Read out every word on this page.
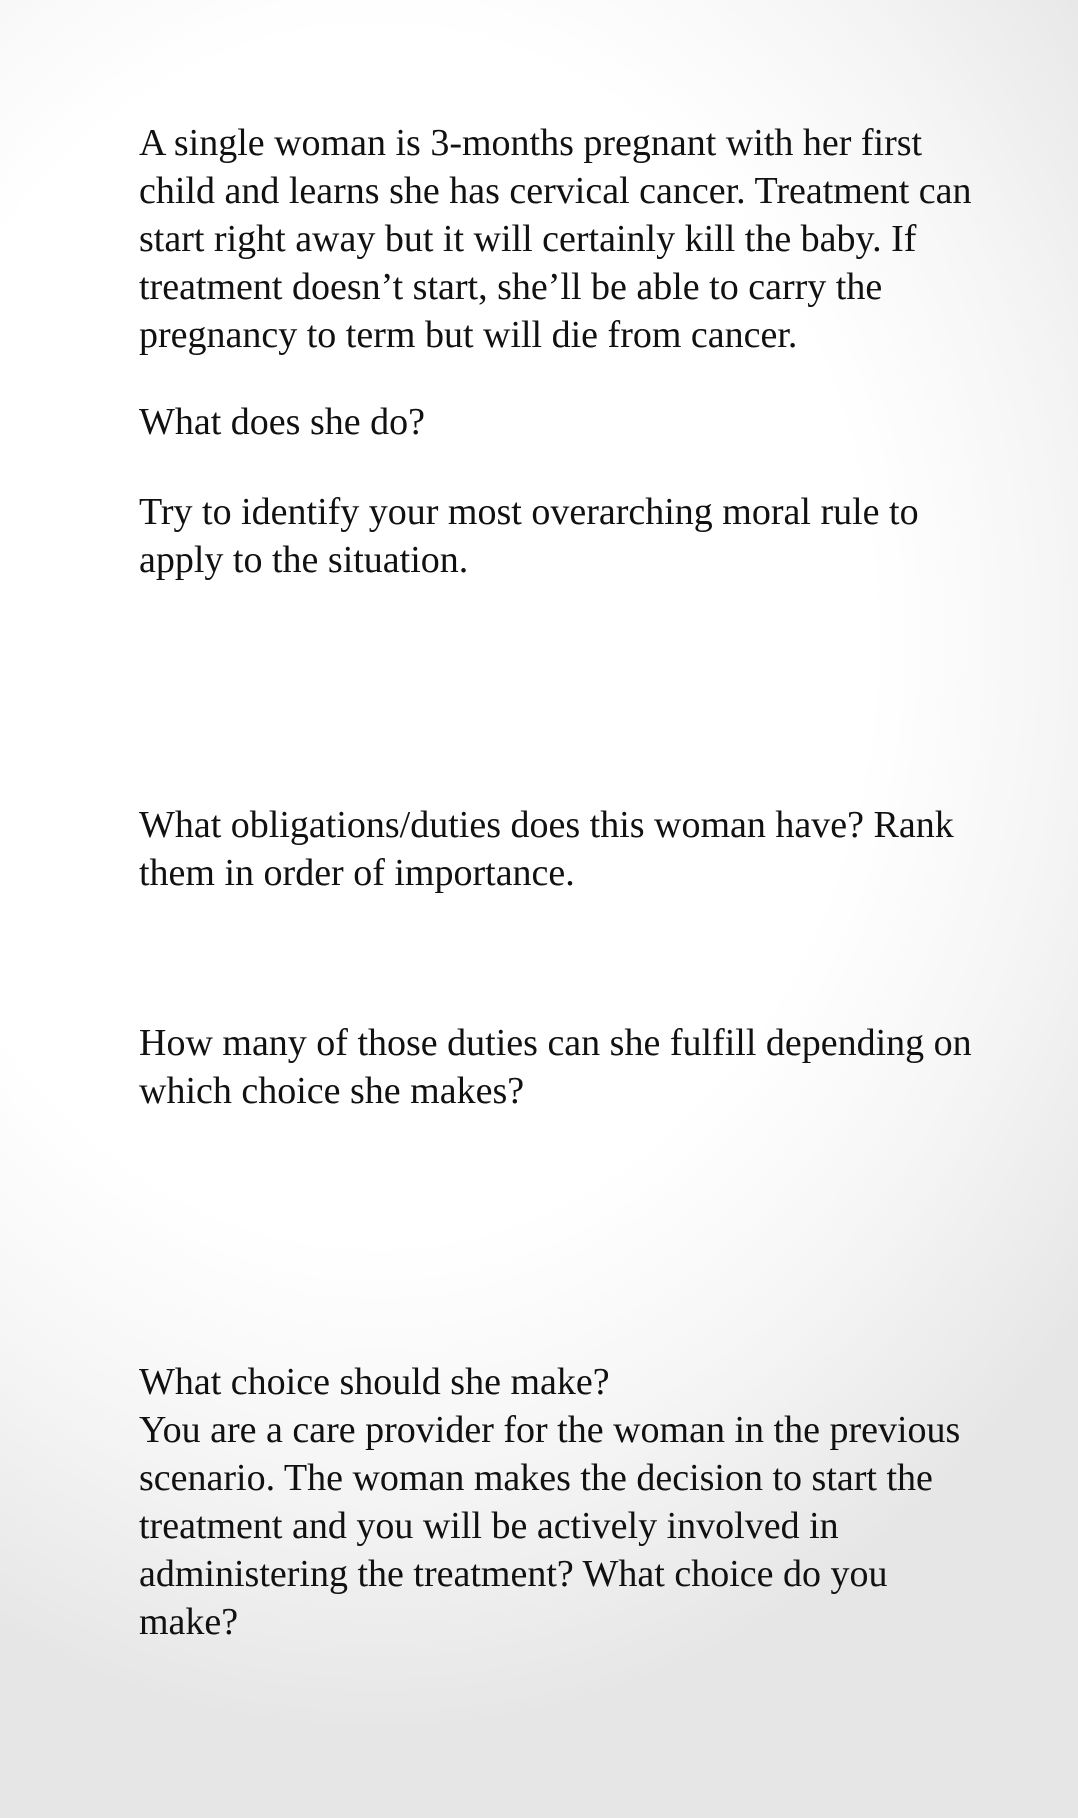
A single woman is 3-months pregnant with her first
child and learns she has cervical cancer. Treatment can
start right away but it will certainly kill the baby. If
treatment doesn’t start, she’ll be able to carry the
pregnancy to term but will die from cancer.

What does she do?

Try to identify your most overarching moral rule to
apply to the situation.

What obligations/duties does this woman have? Rank
them in order of importance.

How many of those duties can she fulfill depending on
which choice she makes?

What choice should she make?

You are a care provider for the woman in the previous
scenario. The woman makes the decision to start the
treatment and you will be actively involved in
administering the treatment? What choice do you
make?
